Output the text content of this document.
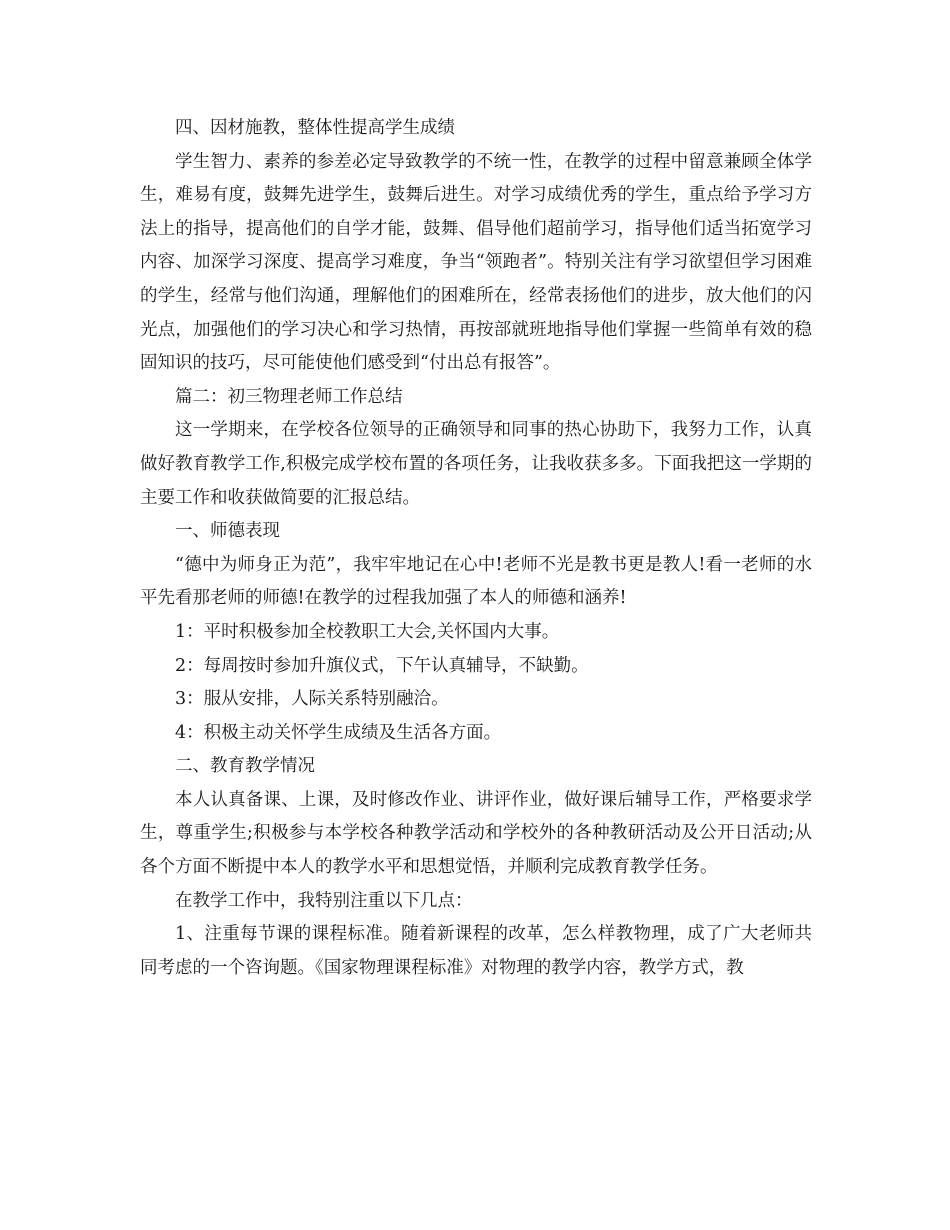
四、因材施教，整体性提高学生成绩

学生智力、素养的参差必定导致教学的不统一性，在教学的过程中留意兼顾全体学生，难易有度，鼓舞先进学生，鼓舞后进生。对学习成绩优秀的学生，重点给予学习方法上的指导，提高他们的自学才能，鼓舞、倡导他们超前学习，指导他们适当拓宽学习内容、加深学习深度、提高学习难度，争当“领跑者”。特别关注有学习欲望但学习困难的学生，经常与他们沟通，理解他们的困难所在，经常表扬他们的进步，放大他们的闪光点，加强他们的学习决心和学习热情，再按部就班地指导他们掌握一些简单有效的稳固知识的技巧，尽可能使他们感受到“付出总有报答”。

篇二：初三物理老师工作总结

这一学期来，在学校各位领导的正确领导和同事的热心协助下，我努力工作，认真做好教育教学工作,积极完成学校布置的各项任务，让我收获多多。下面我把这一学期的主要工作和收获做简要的汇报总结。

一、师德表现

“德中为师身正为范”，我牢牢地记在心中!老师不光是教书更是教人!看一老师的水平先看那老师的师德!在教学的过程我加强了本人的师德和涵养!

1：平时积极参加全校教职工大会,关怀国内大事。

2：每周按时参加升旗仪式，下午认真辅导，不缺勤。

3：服从安排，人际关系特别融洽。

4：积极主动关怀学生成绩及生活各方面。

二、教育教学情况

本人认真备课、上课，及时修改作业、讲评作业，做好课后辅导工作，严格要求学生，尊重学生;积极参与本学校各种教学活动和学校外的各种教研活动及公开日活动;从各个方面不断提中本人的教学水平和思想觉悟，并顺利完成教育教学任务。

在教学工作中，我特别注重以下几点：

1、注重每节课的课程标准。随着新课程的改革，怎么样教物理，成了广大老师共同考虑的一个咨询题。《国家物理课程标准》对物理的教学内容，教学方式，教
